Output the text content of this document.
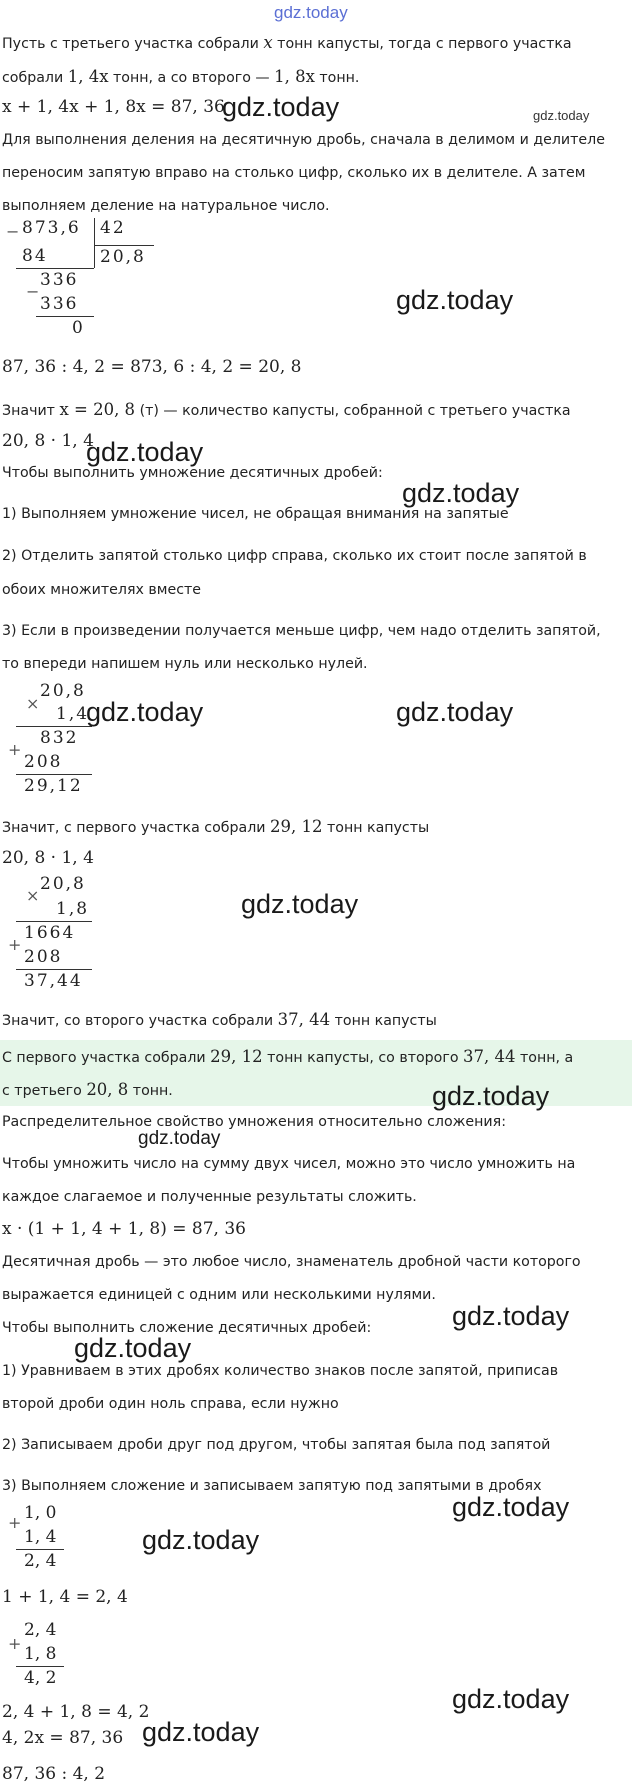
gdz.today

Пусть с третьего участка собрали x тонн капусты, тогда с первого участка

собрали 1, 4x тонн, а со второго — 1, 8x тонн.

x + 1, 4x + 1, 8x = 87, 36
gdz.today	gdz.today

Для выполнения деления на десятичную дробь, сначала в делимом и делителе

переносим запятую вправо на столько цифр, сколько их в делителе. А затем

выполняем деление на натуральное число.

− 873,6 42
20,8
84
336
−
336
0
gdz.today
87, 36 : 4, 2 = 873, 6 : 4, 2 = 20, 8

Значит x = 20, 8 (т) — количество капусты, собранной с третьего участка

20, 8 · 1, 4
gdz.today

Чтобы выполнить умножение десятичных дробей:

gdz.today

1) Выполняем умножение чисел, не обращая внимания на запятые

2) Отделить запятой столько цифр справа, сколько их стоит после запятой в

обоих множителях вместе

3) Если в произведении получается меньше цифр, чем надо отделить запятой,

то впереди напишем нуль или несколько нулей.

20,8
×
1,4
832
+
208
29,12
gdz.today	gdz.today

Значит, с первого участка собрали 29, 12 тонн капусты

20, 8 · 1, 4
20,8
×
1,8
1664
+
208
37,44
gdz.today

Значит, со второго участка собрали 37, 44 тонн капусты

С первого участка собрали 29, 12 тонн капусты, со второго 37, 44 тонн, а

с третьего 20, 8 тонн.	gdz.today

Распределительное свойство умножения относительно сложения:

gdz.today

Чтобы умножить число на сумму двух чисел, можно это число умножить на

каждое слагаемое и полученные результаты сложить.

x · (1 + 1, 4 + 1, 8) = 87, 36

Десятичная дробь — это любое число, знаменатель дробной части которого

выражается единицей с одним или несколькими нулями.

Чтобы выполнить сложение десятичных дробей:	gdz.today
gdz.today

1) Уравниваем в этих дробях количество знаков после запятой, приписав

второй дроби один ноль справа, если нужно

2) Записываем дроби друг под другом, чтобы запятая была под запятой

3) Выполняем сложение и записываем запятую под запятыми в дробях

+ 1, 0
1, 4
2, 4
gdz.today
gdz.today
1 + 1, 4 = 2, 4
+
2, 4
1, 8
4, 2
gdz.today
2, 4 + 1, 8 = 4, 2
4, 2x = 87, 36 gdz.today
87, 36 : 4, 2
